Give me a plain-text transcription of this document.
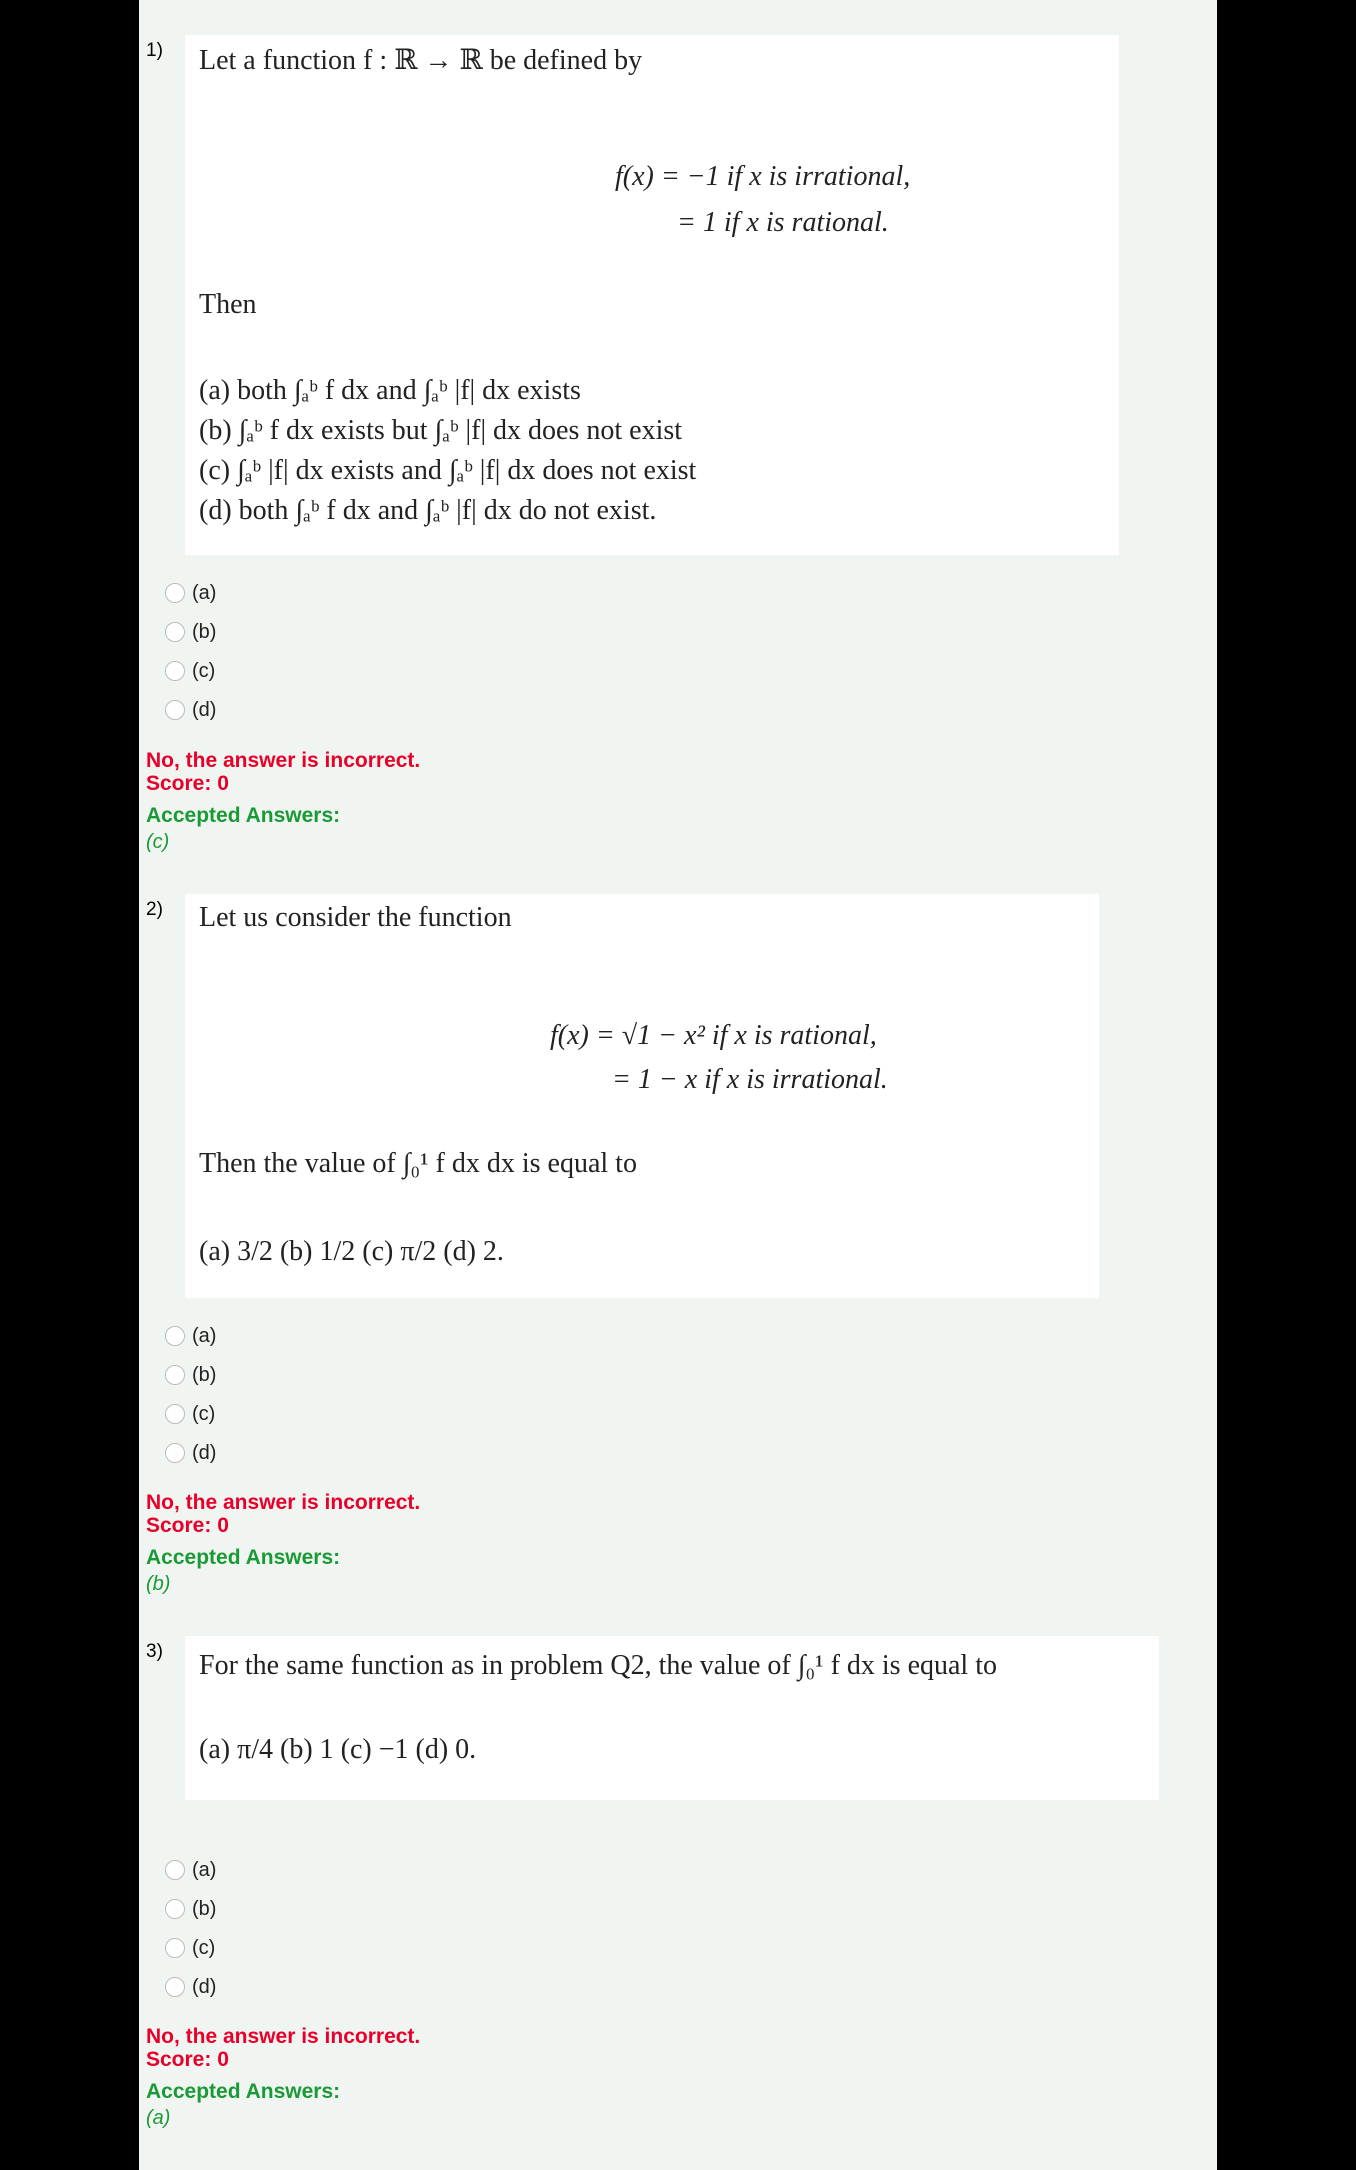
1) Let a function f : ℝ → ℝ be defined by
f(x) = −1 if x is irrational,
= 1 if x is rational.
Then
(a) both ∫ₐᵇ f dx and ∫ₐᵇ |f| dx exists
(b) ∫ₐᵇ f dx exists but ∫ₐᵇ |f| dx does not exist
(c) ∫ₐᵇ |f| dx exists and ∫ₐᵇ |f| dx does not exist
(d) both ∫ₐᵇ f dx and ∫ₐᵇ |f| dx do not exist.
(a)
(b)
(c)
(d)
No, the answer is incorrect.
Score: 0
Accepted Answers:
(c)
2) Let us consider the function
f(x) = √1 − x² if x is rational,
= 1 − x if x is irrational.
Then the value of ∫₀¹ f dx dx is equal to
(a) 3/2 (b) 1/2 (c) π/2 (d) 2.
(a)
(b)
(c)
(d)
No, the answer is incorrect.
Score: 0
Accepted Answers:
(b)
3) For the same function as in problem Q2, the value of ∫₀¹ f dx is equal to
(a) π/4 (b) 1 (c) −1 (d) 0.
(a)
(b)
(c)
(d)
No, the answer is incorrect.
Score: 0
Accepted Answers:
(a)
